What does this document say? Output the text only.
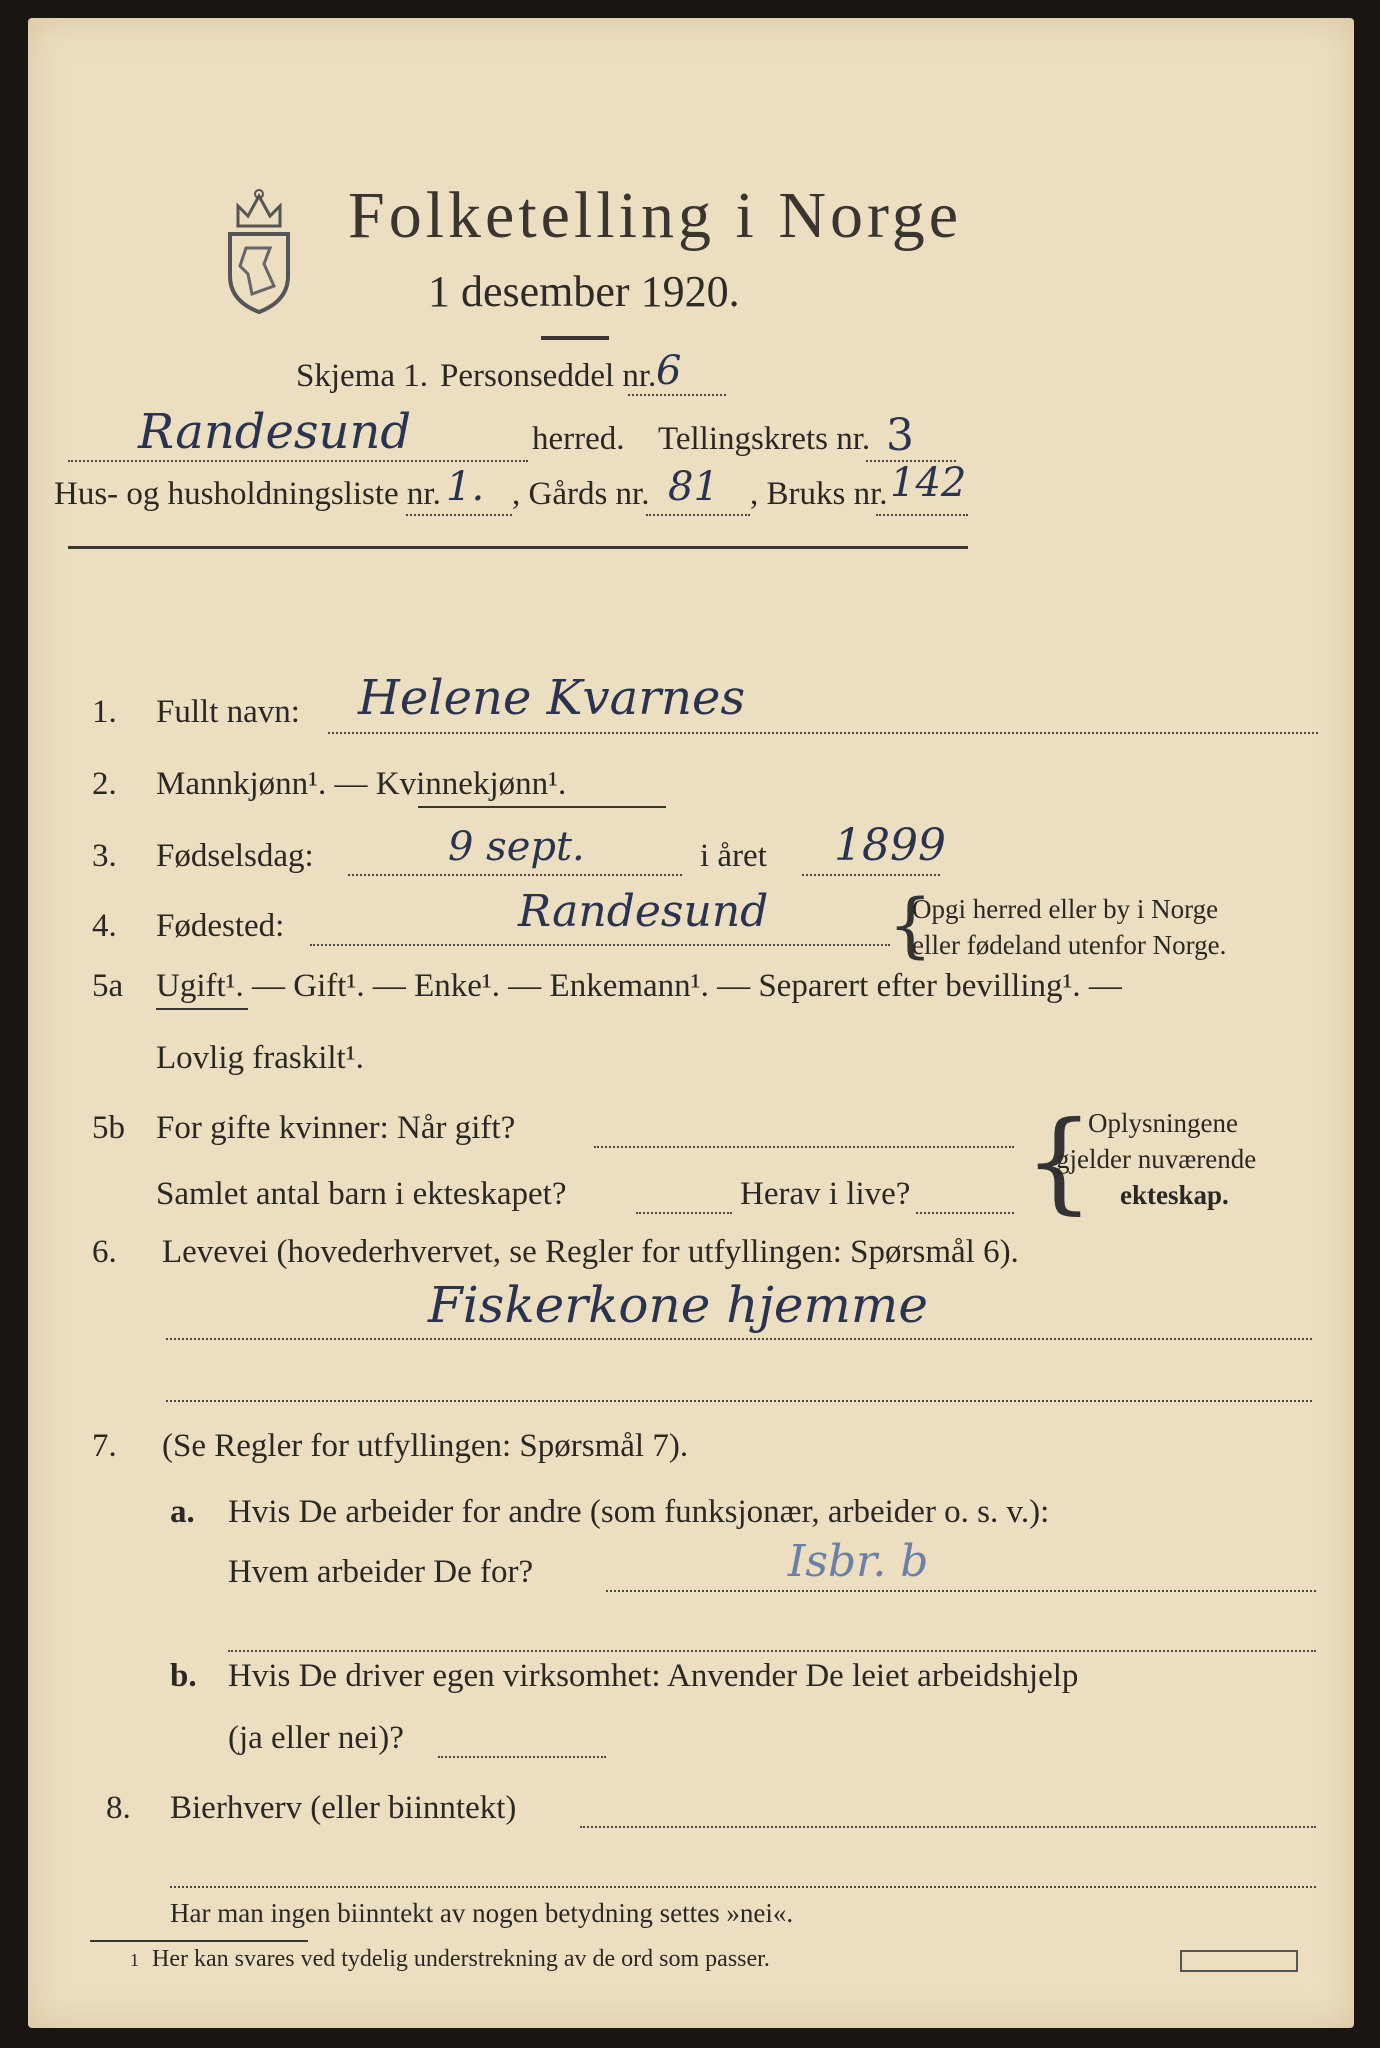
Folketelling i Norge
1 desember 1920.
Skjema 1. Personseddel nr. 6
Randesund	herred. Tellingskrets nr. 3
Hus- og husholdningsliste nr. 1. , Gårds nr. 81 , Bruks nr. 142
1. Fullt navn: Helene Kvarnes
2. Mannkjønn¹. — Kvinnekjønn¹.
3. Fødselsdag:	9 sept.	i året 1899
4. Fødested:	Randesund {
Opgi herred eller by i Norge
eller fødeland utenfor Norge.
5a Ugift¹. — Gift¹. — Enke¹. — Enkemann¹. — Separert efter bevilling¹. —
Lovlig fraskilt¹.
5b For gifte kvinner: Når gift?
Samlet antal barn i ekteskapet?	Herav i live? {
Oplysningene
gjelder nuværende
ekteskap.
6. Levevei (hovederhvervet, se Regler for utfyllingen: Spørsmål 6).
Fiskerkone hjemme
7. (Se Regler for utfyllingen: Spørsmål 7).
a. Hvis De arbeider for andre (som funksjonær, arbeider o. s. v.):
Hvem arbeider De for?	Isbr. b
b. Hvis De driver egen virksomhet: Anvender De leiet arbeidshjelp
(ja eller nei)?
8. Bierhverv (eller biinntekt)
Har man ingen biinntekt av nogen betydning settes »nei«.
1 Her kan svares ved tydelig understrekning av de ord som passer.
